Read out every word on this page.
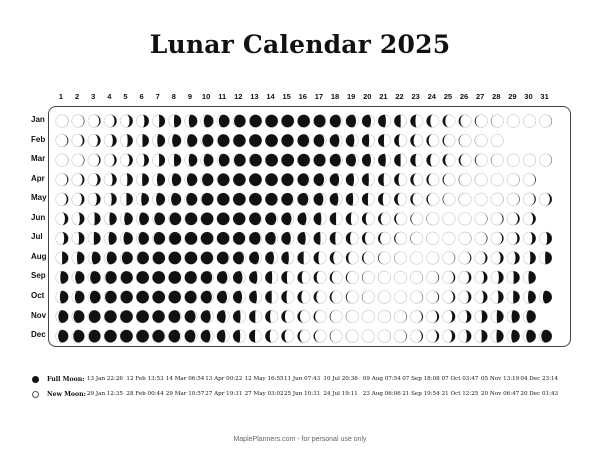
Lunar Calendar 2025
1	2	3	4	5	6	7	8	9	10	11	12	13	14	15	16	17	18	19	20	21	22	23	24	25	26	27	28	29	30	31
Jan
Feb
Mar
Apr
May
Jun
Jul
Aug
Sep
Oct
Nov
Dec
Full Moon: 13 Jan 22:26 12 Feb 13:53 14 Mar 06:54 13 Apr 00:22 12 May 16:55 11 Jun 07:43 10 Jul 20:36 09 Aug 07:54 07 Sep 18:08 07 Oct 03:47 05 Nov 13:19 04 Dec 23:14
New Moon: 29 Jan 12:35 28 Feb 00:44 29 Mar 10:57 27 Apr 19:31 27 May 03:02 25 Jun 10:31 24 Jul 19:11 23 Aug 06:06 21 Sep 19:54 21 Oct 12:25 20 Nov 06:47 20 Dec 01:43
MaplePlanners.com - for personal use only
